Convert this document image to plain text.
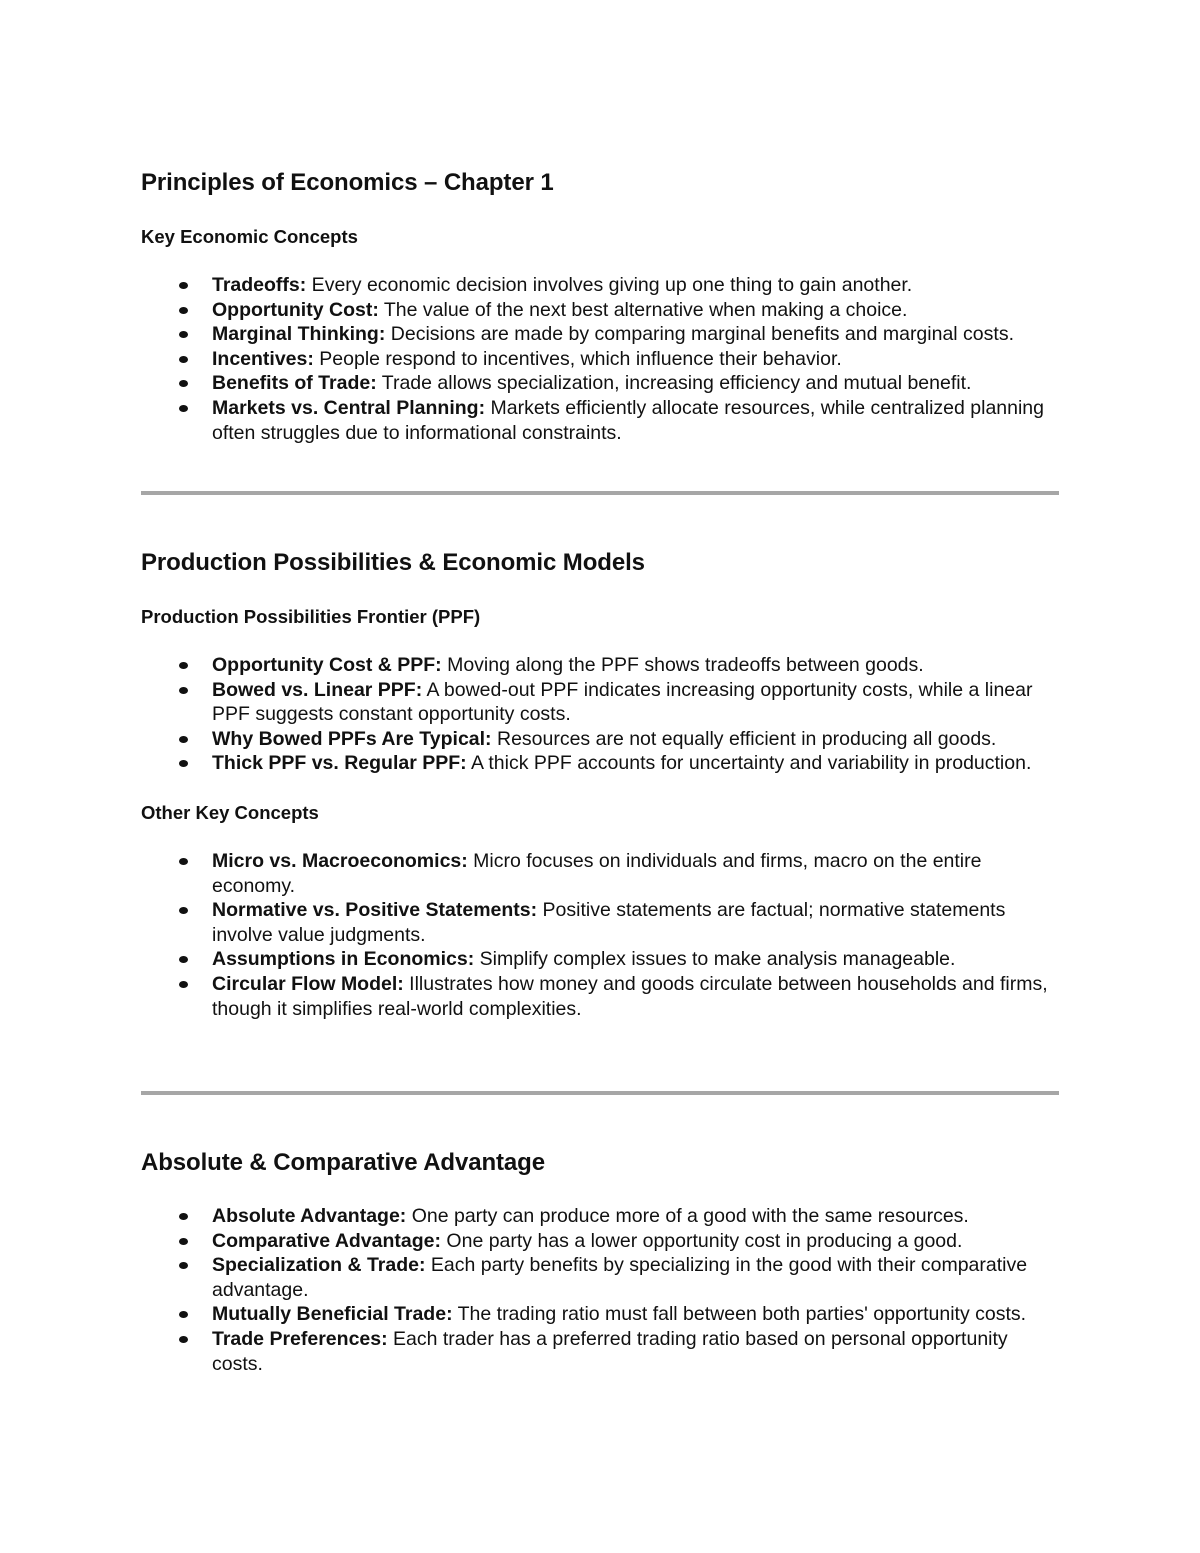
Principles of Economics – Chapter 1
Key Economic Concepts
Tradeoffs: Every economic decision involves giving up one thing to gain another.
Opportunity Cost: The value of the next best alternative when making a choice.
Marginal Thinking: Decisions are made by comparing marginal benefits and marginal costs.
Incentives: People respond to incentives, which influence their behavior.
Benefits of Trade: Trade allows specialization, increasing efficiency and mutual benefit.
Markets vs. Central Planning: Markets efficiently allocate resources, while centralized planning often struggles due to informational constraints.
Production Possibilities & Economic Models
Production Possibilities Frontier (PPF)
Opportunity Cost & PPF: Moving along the PPF shows tradeoffs between goods.
Bowed vs. Linear PPF: A bowed-out PPF indicates increasing opportunity costs, while a linear PPF suggests constant opportunity costs.
Why Bowed PPFs Are Typical: Resources are not equally efficient in producing all goods.
Thick PPF vs. Regular PPF: A thick PPF accounts for uncertainty and variability in production.
Other Key Concepts
Micro vs. Macroeconomics: Micro focuses on individuals and firms, macro on the entire economy.
Normative vs. Positive Statements: Positive statements are factual; normative statements involve value judgments.
Assumptions in Economics: Simplify complex issues to make analysis manageable.
Circular Flow Model: Illustrates how money and goods circulate between households and firms, though it simplifies real-world complexities.
Absolute & Comparative Advantage
Absolute Advantage: One party can produce more of a good with the same resources.
Comparative Advantage: One party has a lower opportunity cost in producing a good.
Specialization & Trade: Each party benefits by specializing in the good with their comparative advantage.
Mutually Beneficial Trade: The trading ratio must fall between both parties' opportunity costs.
Trade Preferences: Each trader has a preferred trading ratio based on personal opportunity costs.
